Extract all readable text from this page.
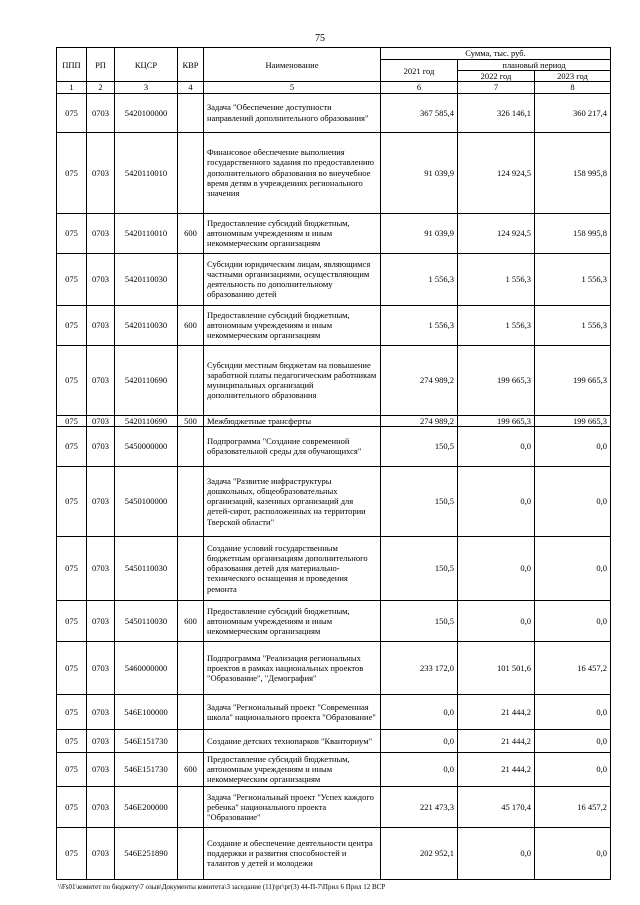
75
ППП	РП	КЦСР	КВР	Наименование	Сумма, тыс. руб.		
					2021 год	плановый период	
						2022 год	2023 год
1	2	3	4	5	6	7	8
075	0703	5420100000		Задача "Обеспечение доступности направлений дополнительного образования"	367 585,4	326 146,1	360 217,4
075	0703	5420110010		Финансовое обеспечение выполнения государственного задания по предоставлению дополнительного образования во внеучебное время детям в учреждениях регионального значения	91 039,9	124 924,5	158 995,8
075	0703	5420110010	600	Предоставление субсидий бюджетным, автономным учреждениям и иным некоммерческим организациям	91 039,9	124 924,5	158 995,8
075	0703	5420110030		Субсидии юридическим лицам, являющимся частными организациями, осуществляющим деятельность по дополнительному образованию детей	1 556,3	1 556,3	1 556,3
075	0703	5420110030	600	Предоставление субсидий бюджетным, автономным учреждениям и иным некоммерческим организациям	1 556,3	1 556,3	1 556,3
075	0703	5420110690		Субсидии местным бюджетам на повышение заработной платы педагогическим работникам муниципальных организаций дополнительного образования	274 989,2	199 665,3	199 665,3
075	0703	5420110690	500	Межбюджетные трансферты	274 989,2	199 665,3	199 665,3
075	0703	5450000000		Подпрограмма "Создание современной образовательной среды для обучающихся"	150,5	0,0	0,0
075	0703	5450100000		Задача "Развитие инфраструктуры дошкольных, общеобразовательных организаций, казенных организаций для детей-сирот, расположенных на территории Тверской области"	150,5	0,0	0,0
075	0703	5450110030		Создание условий государственным бюджетным организациям дополнительного образования детей для материально-технического оснащения и проведения ремонта	150,5	0,0	0,0
075	0703	5450110030	600	Предоставление субсидий бюджетным, автономным учреждениям и иным некоммерческим организациям	150,5	0,0	0,0
075	0703	5460000000		Подпрограмма "Реализация региональных проектов в рамках национальных проектов "Образование", "Демография"	233 172,0	101 501,6	16 457,2
075	0703	546E100000		Задача "Региональный проект "Современная школа" национального проекта "Образование"	0,0	21 444,2	0,0
075	0703	546E151730		Создание детских технопарков "Кванториум"	0,0	21 444,2	0,0
075	0703	546E151730	600	Предоставление субсидий бюджетным, автономным учреждениям и иным некоммерческим организациям	0,0	21 444,2	0,0
075	0703	546E200000		Задача "Региональный проект "Успех каждого ребенка" национального проекта "Образование"	221 473,3	45 170,4	16 457,2
075	0703	546E251890		Создание и обеспечение деятельности центра поддержки и развития способностей и талантов у детей и молодежи	202 952,1	0,0	0,0
\\Fs01\комитет по бюджету\7 озыв\Документы комитета\3 заседание (11)\рг\рг(3) 44-П-7\Прил 6 Прил 12 ВСР
